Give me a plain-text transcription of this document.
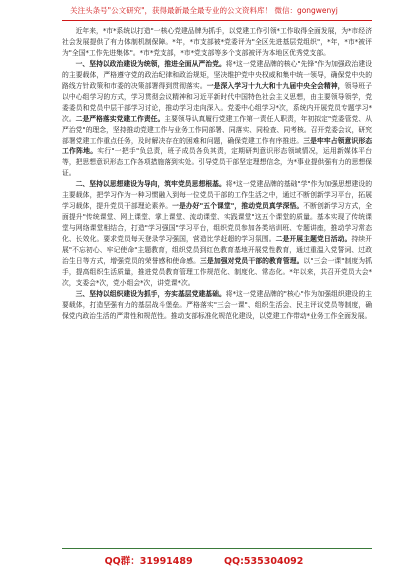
关注头条号"公文研究"，获得最新最全最专业的公文资料库！ 微信：gongwenyj

近年来，*市*系统以打造"一核心党建品牌为抓手，以党建工作引领*工作取得全面发展，为*市经济社会发展提供了有力体制机制保障。*年，*市支部被*党委评为"全区先进基层党组织"，*年，*市*被评为"全国*工作先进集体"。*市*党支部，*市*党支部等多个支部被评为本地区优秀党支部。

一、坚持以政治建设为统领，推进全面从严治党。将*这一党建品牌的核心"先锋"作为加强政治建设的主要载体，严格遵守党的政治纪律和政治规矩，坚决维护党中央权威和集中统一领导，确保党中央的路线方针政策和市委的决策部署得到贯彻落实。一是深入学习十九大和十九届中央全会精神，领导班子以中心组学习的方式，学习贯彻会议精神和习近平新时代中国特色社会主义思想，由主要领导领学，党委委员和党员中层干部学习讨论，推动学习走向深入。党委中心组学习*次，系统内开展党员专题学习*次。二是严格落实党建工作责任。主要领导认真履行党建工作第一责任人职责，年初拟定"党委管党、从严治党"的理念，坚持推动党建工作与业务工作同部署、同落实、同检查、同考核。召开党委会议，研究部署党建工作重点任务，及时解决存在的困难和问题，确保党建工作有序推进。三是牢牢占领意识形态工作阵地。实行"一把手"负总责，班子成员各负其责，定期研判意识形态领域情况，运用新媒体平台等，把思想意识形态工作各项措施落到实处。引导党员干部坚定理想信念，为*事业提供强有力的思想保证。

二、坚持以思想建设为导向，筑牢党员思想根基。将*这一党建品牌的基础"学"作为加强思想建设的主要载体，把学习作为一种习惯融入到每一位党员干部的工作生活之中，通过不断创新学习平台，拓展学习载体，提升党员干部理论素养。一是办好"五个课堂"，推动党员真学深悟。不断创新学习方式，全面提升"传统课堂、网上课堂、掌上课堂、流动课堂、实践课堂"这五个课堂的质量。基本实现了传统课堂与网络课堂相结合，打造"学习强国"学习平台，组织党员参加各类培训班、专题讲座，推动学习常态化、长效化。要求党员每天登录学习强国，营造比学赶超的学习氛围。二是开展主题党日活动。持续开展"不忘初心、牢记使命"主题教育，组织党员到红色教育基地开展党性教育，通过重温入党誓词、过政治生日等方式，增强党员的荣誉感和使命感。三是加强对党员干部的教育管理。以"三会一课"制度为抓手，提高组织生活质量，推进党员教育管理工作规范化、制度化、常态化。*年以来，共召开党员大会*次，支委会*次，党小组会*次，讲党课*次。

三、坚持以组织建设为抓手，夯实基层党建基础。将*这一党建品牌的"核心"作为加强组织建设的主要载体，打造坚强有力的基层战斗堡垒。严格落实"三会一课"、组织生活会、民主评议党员等制度，确保党内政治生活的严肃性和规范性。推动支部标准化规范化建设，以党建工作带动*业务工作全面发展。

QQ群：31991489	QQ:535304092
